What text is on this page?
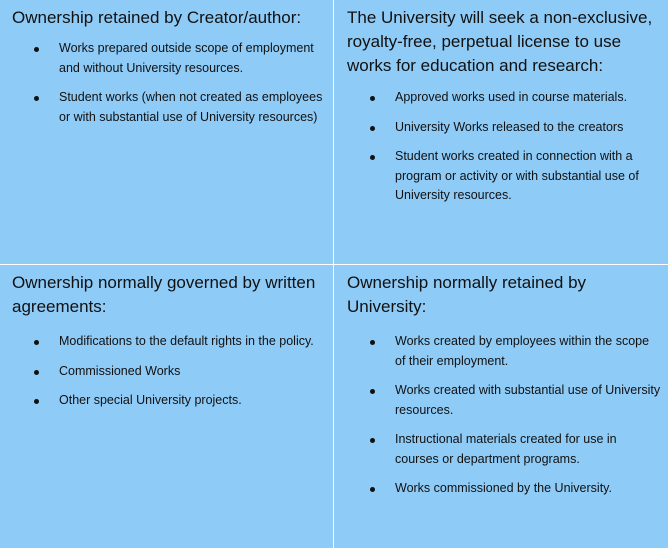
Ownership retained by Creator/author:
Works prepared outside scope of employment and without University resources.
Student works (when not created as employees or with substantial use of University resources)
The University will seek a non-exclusive, royalty-free, perpetual license to use works for education and research:
Approved works used in course materials.
University Works released to the creators
Student works created in connection with a program or activity or with substantial use of University resources.
Ownership normally governed by written agreements:
Modifications to the default rights in the policy.
Commissioned Works
Other special University projects.
Ownership normally retained by University:
Works created by employees within the scope of their employment.
Works created with substantial use of University resources.
Instructional materials created for use in courses or department programs.
Works commissioned by the University.
